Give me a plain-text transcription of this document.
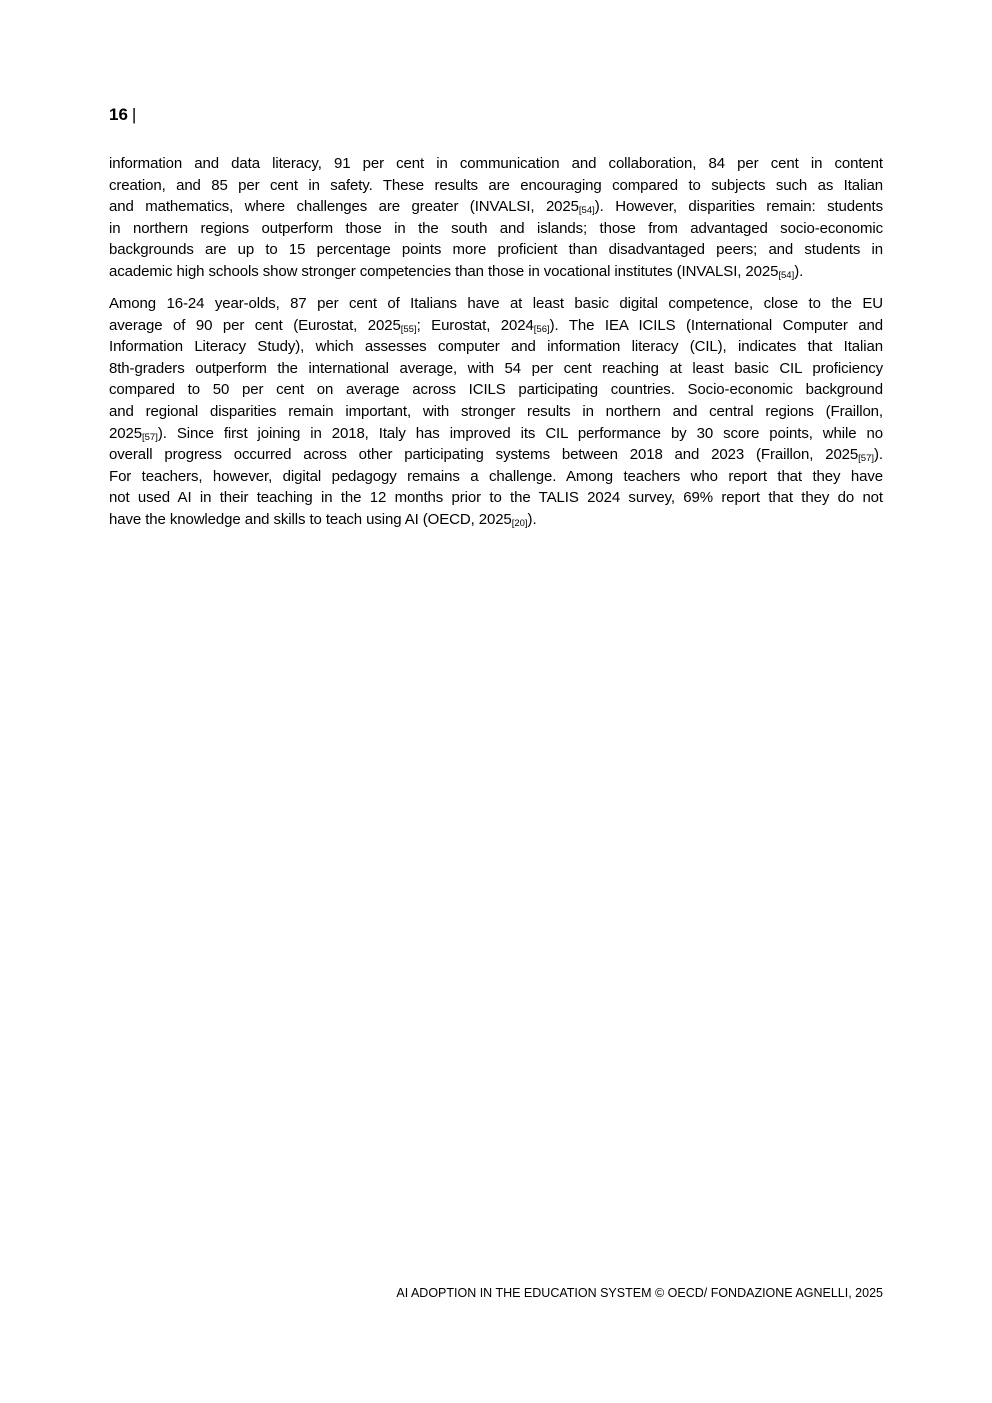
16 |
information and data literacy, 91 per cent in communication and collaboration, 84 per cent in content
creation, and 85 per cent in safety. These results are encouraging compared to subjects such as Italian
and mathematics, where challenges are greater (INVALSI, $2025_{[54]}$). However, disparities remain: students
in northern regions outperform those in the south and islands; those from advantaged socio-economic
backgrounds are up to 15 percentage points more proficient than disadvantaged peers; and students in
academic high schools show stronger competencies than those in vocational institutes (INVALSI, $2025_{[54]}$).
Among 16-24 year-olds, 87 per cent of Italians have at least basic digital competence, close to the EU
average of 90 per cent (Eurostat, $2025_{[55]}$; Eurostat, $2024_{[56]}$). The IEA ICILS (International Computer and
Information Literacy Study), which assesses computer and information literacy (CIL), indicates that Italian
8th-graders outperform the international average, with 54 per cent reaching at least basic CIL proficiency
compared to 50 per cent on average across ICILS participating countries. Socio-economic background
and regional disparities remain important, with stronger results in northern and central regions (Fraillon,
$2025_{[57]}$). Since first joining in 2018, Italy has improved its CIL performance by 30 score points, while no
overall progress occurred across other participating systems between 2018 and 2023 (Fraillon, $2025_{[57]}$).
For teachers, however, digital pedagogy remains a challenge. Among teachers who report that they have
not used AI in their teaching in the 12 months prior to the TALIS 2024 survey, 69% report that they do not
have the knowledge and skills to teach using AI (OECD, $2025_{[20]}$).
AI ADOPTION IN THE EDUCATION SYSTEM © OECD/ FONDAZIONE AGNELLI, 2025
